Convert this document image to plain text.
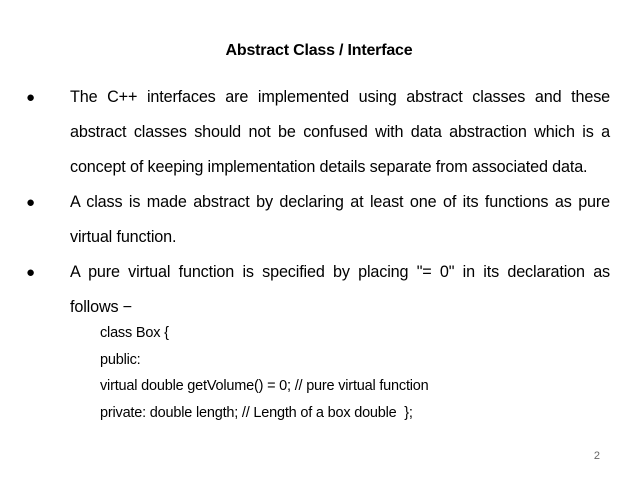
Abstract Class / Interface
● The C++ interfaces are implemented using abstract classes and these abstract classes should not be confused with data abstraction which is a concept of keeping implementation details separate from associated data.
● A class is made abstract by declaring at least one of its functions as pure virtual function.
● A pure virtual function is specified by placing "= 0" in its declaration as follows −
class Box {
public:
virtual double getVolume() = 0; // pure virtual function
private: double length; // Length of a box double  };
2
